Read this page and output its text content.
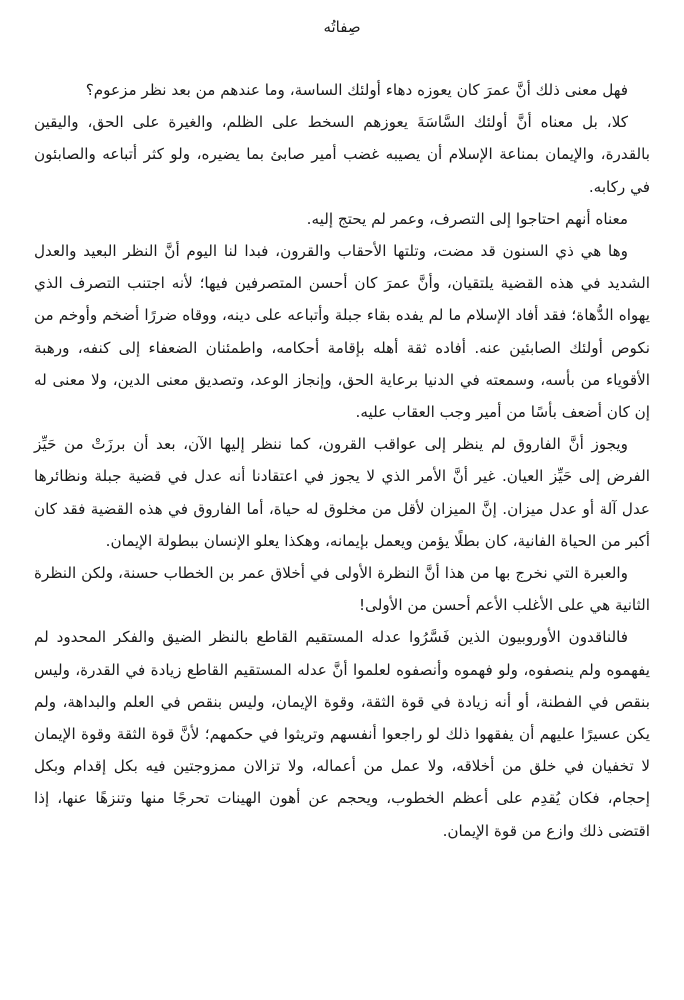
صِفاتُه

فهل معنى ذلك أنَّ عمرَ كان يعوزه دهاء أولئك الساسة، وما عندهم من بعد نظر مزعوم؟

كلا، بل معناه أنَّ أولئك السَّاسَةَ يعوزهم السخط على الظلم، والغيرة على الحق، واليقين بالقدرة، والإيمان بمناعة الإسلام أن يصيبه غضب أمير صابئ بما يضيره، ولو كثر أتباعه والصابئون في ركابه.

معناه أنهم احتاجوا إلى التصرف، وعمر لم يحتج إليه.

وها هي ذي السنون قد مضت، وتلتها الأحقاب والقرون، فبدا لنا اليوم أنَّ النظر البعيد والعدل الشديد في هذه القضية يلتقيان، وأنَّ عمرَ كان أحسن المتصرفين فيها؛ لأنه اجتنب التصرف الذي يهواه الدُّهاة؛ فقد أفاد الإسلام ما لم يفده بقاء جبلة وأتباعه على دينه، ووقاه ضررًا أضخم وأوخم من نكوص أولئك الصابئين عنه. أفاده ثقة أهله بإقامة أحكامه، واطمئنان الضعفاء إلى كنفه، ورهبة الأقوياء من بأسه، وسمعته في الدنيا برعاية الحق، وإنجاز الوعد، وتصديق معنى الدين، ولا معنى له إن كان أضعف بأسًا من أمير وجب العقاب عليه.

ويجوز أنَّ الفاروق لم ينظر إلى عواقب القرون، كما ننظر إليها الآن، بعد أن برزَتْ من حَيِّز الفرض إلى حَيِّز العيان. غير أنَّ الأمر الذي لا يجوز في اعتقادنا أنه عدل في قضية جبلة ونظائرها عدل آلة أو عدل ميزان. إنَّ الميزان لأقل من مخلوق له حياة، أما الفاروق في هذه القضية فقد كان أكبر من الحياة الفانية، كان بطلًا يؤمن ويعمل بإيمانه، وهكذا يعلو الإنسان ببطولة الإيمان.

والعبرة التي نخرج بها من هذا أنَّ النظرة الأولى في أخلاق عمر بن الخطاب حسنة، ولكن النظرة الثانية هي على الأغلب الأعم أحسن من الأولى!

فالناقدون الأوروبيون الذين فَسَّرُوا عدله المستقيم القاطع بالنظر الضيق والفكر المحدود لم يفهموه ولم ينصفوه، ولو فهموه وأنصفوه لعلموا أنَّ عدله المستقيم القاطع زيادة في القدرة، وليس بنقص في الفطنة، أو أنه زيادة في قوة الثقة، وقوة الإيمان، وليس بنقص في العلم والبداهة، ولم يكن عسيرًا عليهم أن يفقهوا ذلك لو راجعوا أنفسهم وتريثوا في حكمهم؛ لأنَّ قوة الثقة وقوة الإيمان لا تخفيان في خلق من أخلاقه، ولا عمل من أعماله، ولا تزالان ممزوجتين فيه بكل إقدام وبكل إحجام، فكان يُقدِم على أعظم الخطوب، ويحجم عن أهون الهينات تحرجًا منها وتنزهًا عنها، إذا اقتضى ذلك وازع من قوة الإيمان.
